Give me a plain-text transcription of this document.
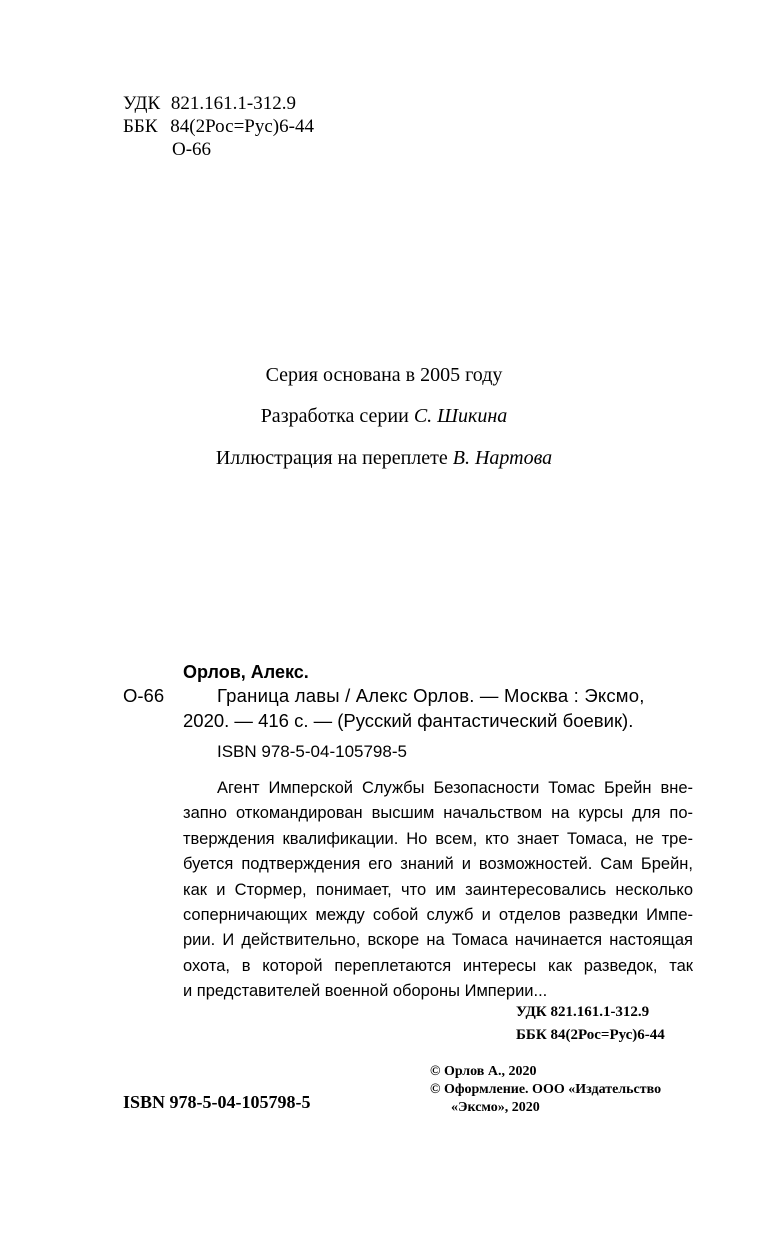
УДК 821.161.1-312.9
ББК 84(2Рос=Рус)6-44
О-66
Серия основана в 2005 году
Разработка серии С. Шикина
Иллюстрация на переплете В. Нартова
Орлов, Алекс.
О-66	Граница лавы / Алекс Орлов. — Москва : Эксмо,
2020. — 416 с. — (Русский фантастический боевик).
ISBN 978-5-04-105798-5
Агент Имперской Службы Безопасности Томас Брейн вне-
запно откомандирован высшим начальством на курсы для по-
тверждения квалификации. Но всем, кто знает Томаса, не тре-
буется подтверждения его знаний и возможностей. Сам Брейн,
как и Стормер, понимает, что им заинтересовались несколько
соперничающих между собой служб и отделов разведки Импе-
рии. И действительно, вскоре на Томаса начинается настоящая
охота, в которой переплетаются интересы как разведок, так
и представителей военной обороны Империи...
УДК 821.161.1-312.9
ББК 84(2Рос=Рус)6-44
© Орлов А., 2020
© Оформление. ООО «Издательство
«Эксмо», 2020
ISBN 978-5-04-105798-5
